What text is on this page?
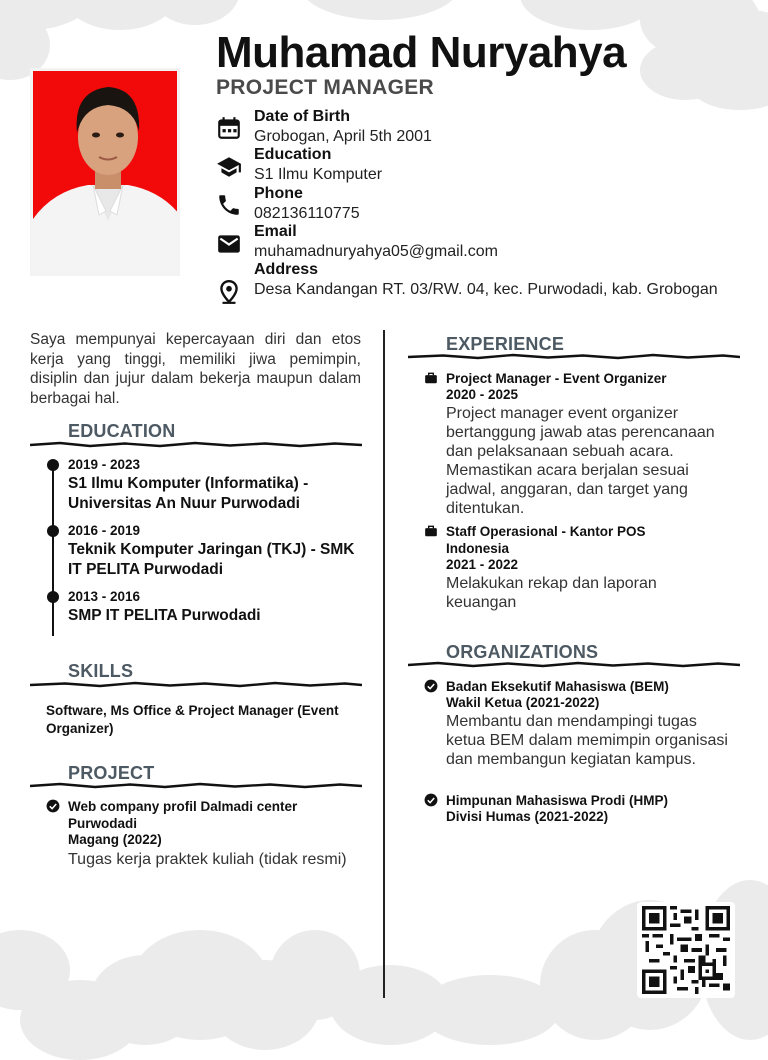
Muhamad Nuryahya
PROJECT MANAGER
Date of Birth
Grobogan, April 5th 2001
Education
S1 Ilmu Komputer
Phone
082136110775
Email
muhamadnuryahya05@gmail.com
Address
Desa Kandangan RT. 03/RW. 04, kec. Purwodadi, kab. Grobogan

Saya mempunyai kepercayaan diri dan etos kerja yang tinggi, memiliki jiwa pemimpin, disiplin dan jujur dalam bekerja maupun dalam berbagai hal.

EDUCATION
2019 - 2023
S1 Ilmu Komputer (Informatika) - Universitas An Nuur Purwodadi
2016 - 2019
Teknik Komputer Jaringan (TKJ) - SMK IT PELITA Purwodadi
2013 - 2016
SMP IT PELITA Purwodadi
SKILLS
Software, Ms Office & Project Manager (Event Organizer)
PROJECT
Web company profil Dalmadi center Purwodadi
Magang (2022)
Tugas kerja praktek kuliah (tidak resmi)
EXPERIENCE
Project Manager - Event Organizer
2020 - 2025
Project manager event organizer bertanggung jawab atas perencanaan dan pelaksanaan sebuah acara. Memastikan acara berjalan sesuai jadwal, anggaran, dan target yang ditentukan.
Staff Operasional - Kantor POS Indonesia
2021 - 2022
Melakukan rekap dan laporan keuangan
ORGANIZATIONS
Badan Eksekutif Mahasiswa (BEM)
Wakil Ketua (2021-2022)
Membantu dan mendampingi tugas ketua BEM dalam memimpin organisasi dan membangun kegiatan kampus.
Himpunan Mahasiswa Prodi (HMP)
Divisi Humas (2021-2022)
